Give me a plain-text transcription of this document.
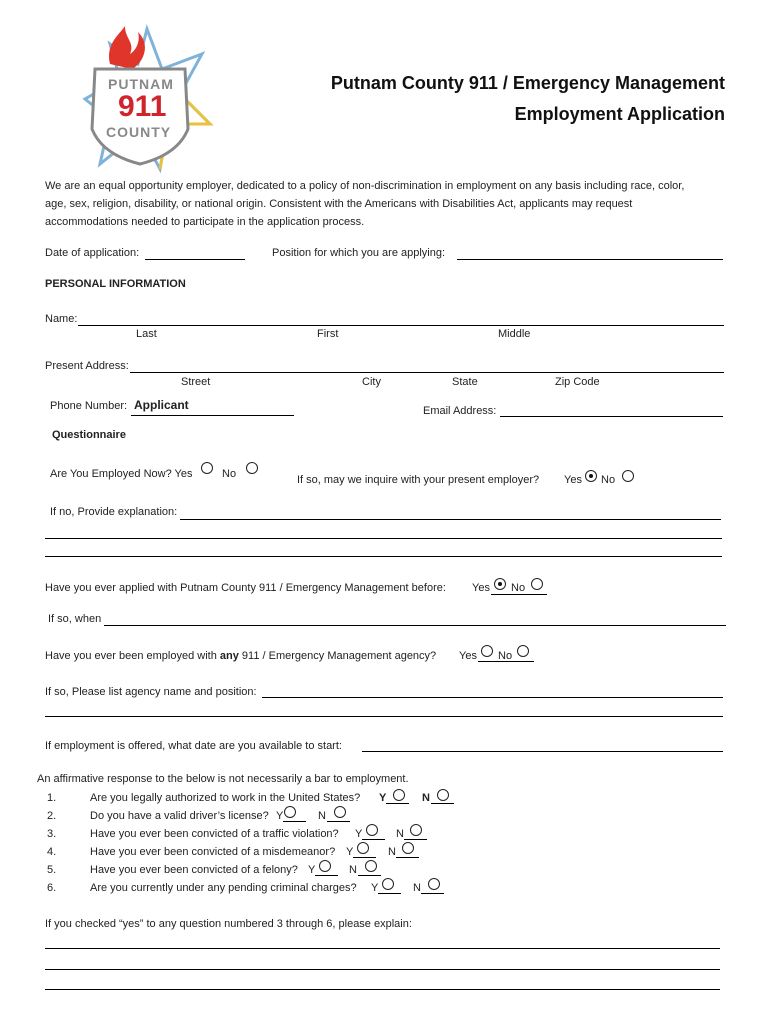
PUTNAM
911
COUNTY
Putnam County 911 / Emergency Management
Employment Application
We are an equal opportunity employer, dedicated to a policy of non-discrimination in employment on any basis including race, color,
age, sex, religion, disability, or national origin. Consistent with the Americans with Disabilities Act, applicants may request
accommodations needed to participate in the application process.
Date of application:	Position for which you are applying:
PERSONAL INFORMATION
Name:
Last	First	Middle
Present Address:
Street	City	State	Zip Code
Phone Number: Applicant	Email Address:
Questionnaire
Are You Employed Now? Yes	No	If so, may we inquire with your present employer? Yes No
If no, Provide explanation:
Have you ever applied with Putnam County 911 / Emergency Management before: Yes No
If so, when
Have you ever been employed with any 911 / Emergency Management agency? Yes No
If so, Please list agency name and position:
If employment is offered, what date are you available to start:
An affirmative response to the below is not necessarily a bar to employment.
1.	Are you legally authorized to work in the United States? Y	N
2.	Do you have a valid driver’s license? Y	N
3.	Have you ever been convicted of a traffic violation? Y	N
4.	Have you ever been convicted of a misdemeanor? Y	N
5.	Have you ever been convicted of a felony? Y	N
6.	Are you currently under any pending criminal charges? Y	N
If you checked “yes” to any question numbered 3 through 6, please explain:
